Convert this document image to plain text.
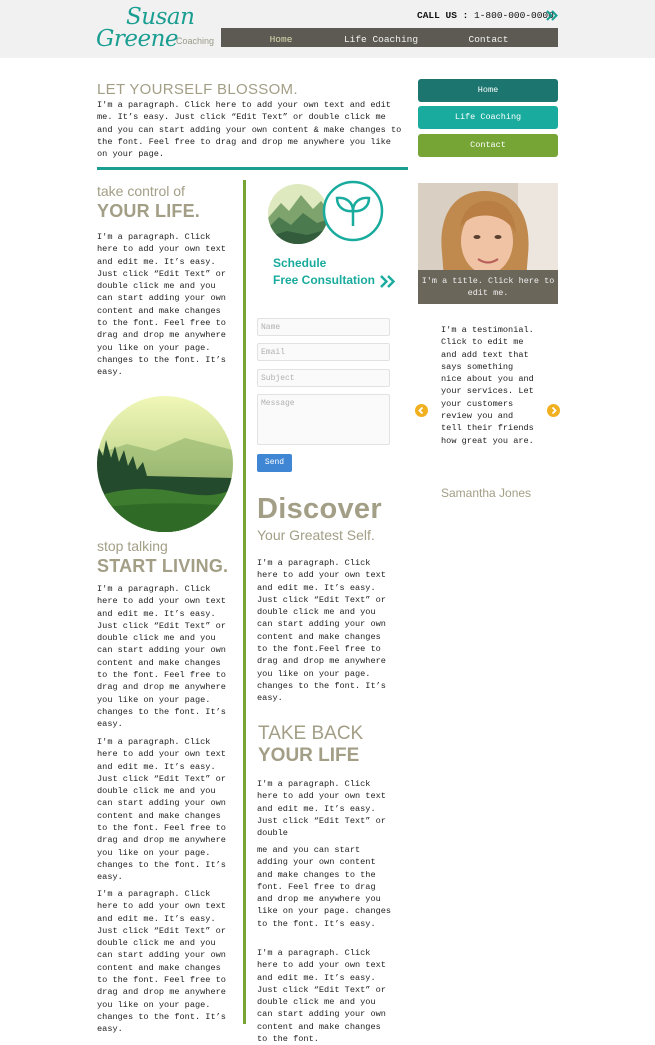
Susan
Greene
Coaching
CALL US : 1-800-000-0000
Home	Life Coaching	Contact
LET YOURSELF BLOSSOM.
I'm a paragraph. Click here to add your own text and edit me. It’s easy. Just click “Edit Text” or double click me and you can start adding your own content & make changes to the font. Feel free to drag and drop me anywhere you like on your page.
Home
Life Coaching
Contact
take control of
YOUR LIFE.
I'm a paragraph. Click here to add your own text and edit me. It’s easy. Just click “Edit Text” or double click me and you can start adding your own content and make changes to the font. Feel free to drag and drop me anywhere you like on your page. changes to the font. It’s easy.
stop talking
START LIVING.
I'm a paragraph. Click here to add your own text and edit me. It’s easy. Just click “Edit Text” or double click me and you can start adding your own content and make changes to the font. Feel free to drag and drop me anywhere you like on your page. changes to the font. It’s easy.
I'm a paragraph. Click here to add your own text and edit me. It’s easy. Just click “Edit Text” or double click me and you can start adding your own content and make changes to the font. Feel free to drag and drop me anywhere you like on your page. changes to the font. It’s easy.
I'm a paragraph. Click here to add your own text and edit me. It’s easy. Just click “Edit Text” or double click me and you can start adding your own content and make changes to the font. Feel free to drag and drop me anywhere you like on your page. changes to the font. It’s easy.
Schedule
Free Consultation
Name
Email
Subject
Message
Send
Discover
Your Greatest Self.
I'm a paragraph. Click here to add your own text and edit me. It’s easy. Just click “Edit Text” or double click me and you can start adding your own content and make changes to the font.Feel free to drag and drop me anywhere you like on your page. changes to the font. It’s easy.
TAKE BACK
YOUR LIFE
I'm a paragraph. Click here to add your own text and edit me. It’s easy. Just click “Edit Text” or double
me and you can start adding your own content and make changes to the font. Feel free to drag and drop me anywhere you like on your page. changes to the font. It’s easy.
I'm a paragraph. Click here to add your own text and edit me. It’s easy. Just click “Edit Text” or double click me and you can start adding your own content and make changes to the font.
I'm a title. Click here to edit me.
I'm a testimonial. Click to edit me and add text that says something nice about you and your services. Let your customers review you and tell their friends how great you are.
Samantha Jones
